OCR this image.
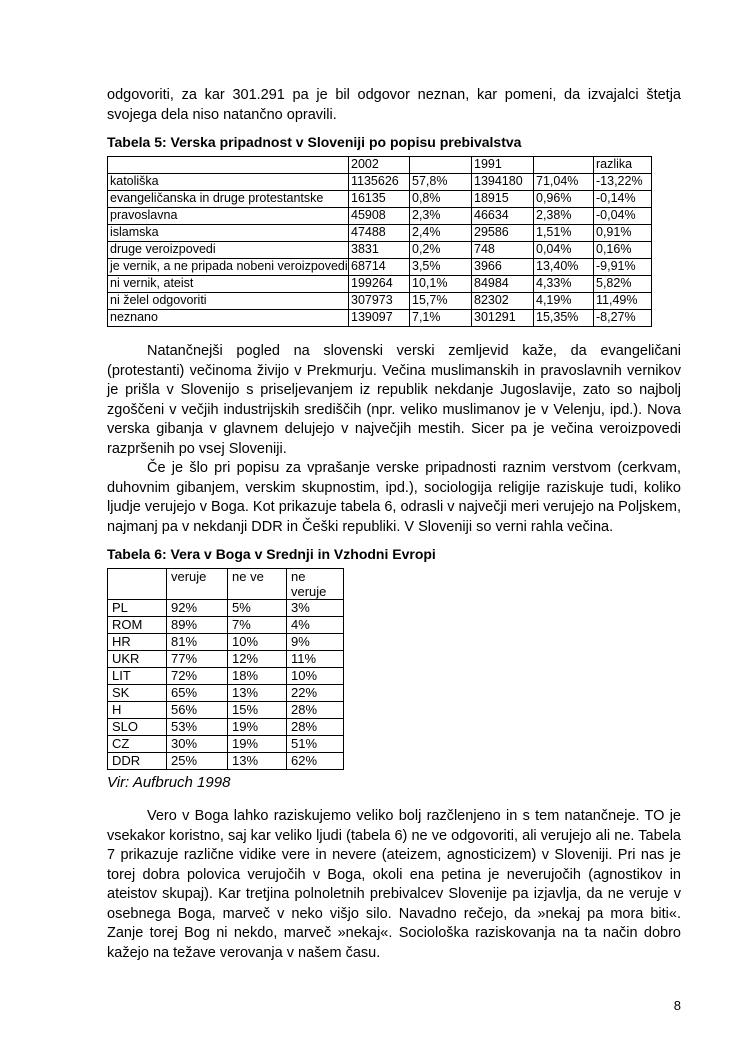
odgovoriti, za kar 301.291 pa je bil odgovor neznan, kar pomeni, da izvajalci štetja svojega dela niso natančno opravili.

Tabela 5: Verska pripadnost v Sloveniji po popisu prebivalstva

	2002		1991		razlika
katoliška	1135626	57,8%	1394180	71,04%	-13,22%
evangeličanska in druge protestantske	16135	0,8%	18915	0,96%	-0,14%
pravoslavna	45908	2,3%	46634	2,38%	-0,04%
islamska	47488	2,4%	29586	1,51%	0,91%
druge veroizpovedi	3831	0,2%	748	0,04%	0,16%
je vernik, a ne pripada nobeni veroizpovedi	68714	3,5%	3966	13,40%	-9,91%
ni vernik, ateist	199264	10,1%	84984	4,33%	5,82%
ni želel odgovoriti	307973	15,7%	82302	4,19%	11,49%
neznano	139097	7,1%	301291	15,35%	-8,27%

Natančnejši pogled na slovenski verski zemljevid kaže, da evangeličani (protestanti) večinoma živijo v Prekmurju. Večina muslimanskih in pravoslavnih vernikov je prišla v Slovenijo s priseljevanjem iz republik nekdanje Jugoslavije, zato so najbolj zgoščeni v večjih industrijskih središčih (npr. veliko muslimanov je v Velenju, ipd.). Nova verska gibanja v glavnem delujejo v največjih mestih. Sicer pa je večina veroizpovedi razpršenih po vsej Sloveniji.

Če je šlo pri popisu za vprašanje verske pripadnosti raznim verstvom (cerkvam, duhovnim gibanjem, verskim skupnostim, ipd.), sociologija religije raziskuje tudi, koliko ljudje verujejo v Boga. Kot prikazuje tabela 6, odrasli v največji meri verujejo na Poljskem, najmanj pa v nekdanji DDR in Češki republiki. V Sloveniji so verni rahla večina.

Tabela 6: Vera v Boga v Srednji in Vzhodni Evropi

	veruje	ne ve	ne veruje
PL	92%	5%	3%
ROM	89%	7%	4%
HR	81%	10%	9%
UKR	77%	12%	11%
LIT	72%	18%	10%
SK	65%	13%	22%
H	56%	15%	28%
SLO	53%	19%	28%
CZ	30%	19%	51%
DDR	25%	13%	62%

Vir: Aufbruch 1998

Vero v Boga lahko raziskujemo veliko bolj razčlenjeno in s tem natančneje. TO je vsekakor koristno, saj kar veliko ljudi (tabela 6) ne ve odgovoriti, ali verujejo ali ne. Tabela 7 prikazuje različne vidike vere in nevere (ateizem, agnosticizem) v Sloveniji. Pri nas je torej dobra polovica verujočih v Boga, okoli ena petina je neverujočih (agnostikov in ateistov skupaj). Kar tretjina polnoletnih prebivalcev Slovenije pa izjavlja, da ne veruje v osebnega Boga, marveč v neko višjo silo. Navadno rečejo, da »nekaj pa mora biti«. Zanje torej Bog ni nekdo, marveč »nekaj«. Sociološka raziskovanja na ta način dobro kažejo na težave verovanja v našem času.

8
